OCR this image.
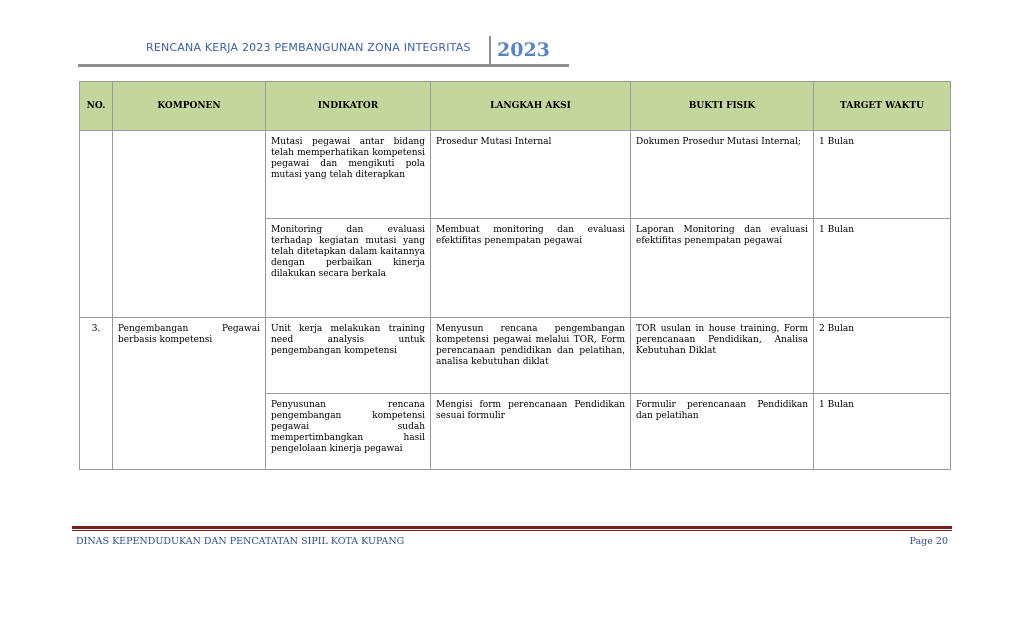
RENCANA KERJA 2023 PEMBANGUNAN ZONA INTEGRITAS 2023
NO.	KOMPONEN	INDIKATOR	LANGKAH AKSI	BUKTI FISIK	TARGET WAKTU
		Mutasi pegawai antar bidang telah memperhatikan kompetensi pegawai dan mengikuti pola mutasi yang telah diterapkan	Prosedur Mutasi Internal	Dokumen Prosedur Mutasi Internal;	1 Bulan
		Monitoring dan evaluasi terhadap kegiatan mutasi yang telah ditetapkan dalam kaitannya dengan perbaikan kinerja dilakukan secara berkala	Membuat monitoring dan evaluasi efektifitas penempatan pegawai	Laporan Monitoring dan evaluasi efektifitas penempatan pegawai	1 Bulan
3.	Pengembangan Pegawai berbasis kompetensi	Unit kerja melakukan training need analysis untuk pengembangan kompetensi	Menyusun rencana pengembangan kompetensi pegawai melalui TOR, Form perencanaan pendidikan dan pelatihan, analisa kebutuhan diklat	TOR usulan in house training, Form perencanaan Pendidikan, Analisa Kebutuhan Diklat	2 Bulan
		Penyusunan rencana pengembangan kompetensi pegawai sudah mempertimbangkan hasil pengelolaan kinerja pegawai	Mengisi form perencanaan Pendidikan sesuai formulir	Formulir perencanaan Pendidikan dan pelatihan	1 Bulan
DINAS KEPENDUDUKAN DAN PENCATATAN SIPIL KOTA KUPANG	Page 20
